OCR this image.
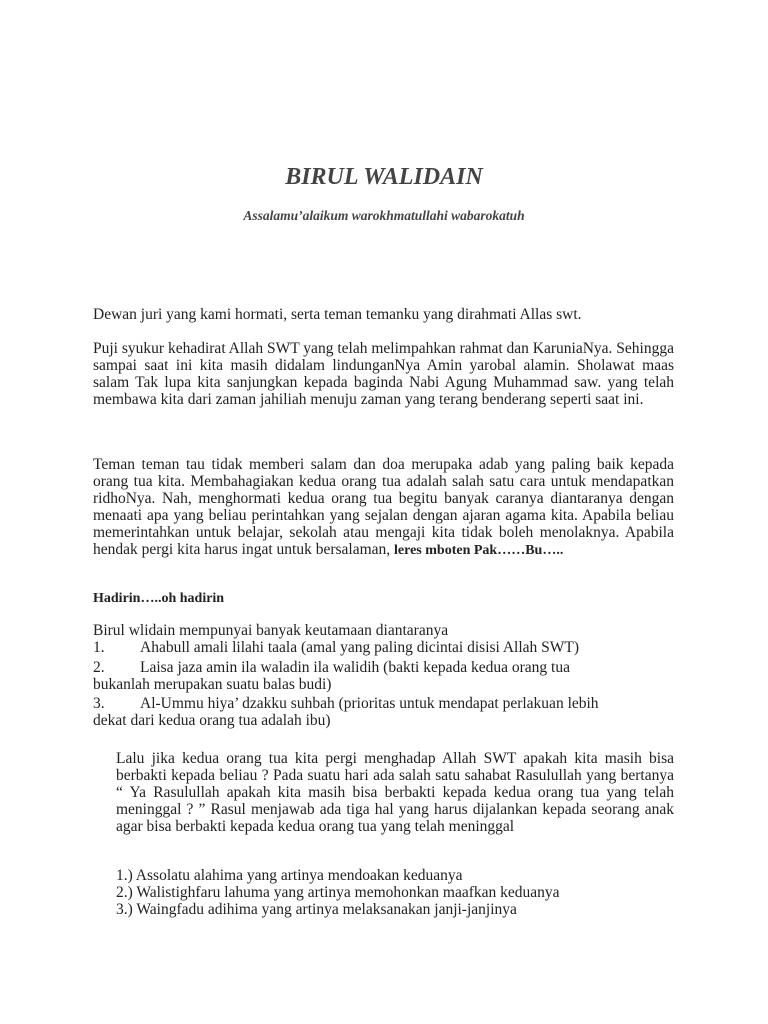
BIRUL WALIDAIN

Assalamu’alaikum warokhmatullahi wabarokatuh

Dewan juri yang kami hormati, serta teman temanku yang dirahmati Allas swt.

Puji syukur kehadirat Allah SWT yang telah melimpahkan rahmat dan KaruniaNya. Sehingga sampai saat ini kita masih didalam lindunganNya Amin yarobal alamin. Sholawat maas salam Tak lupa kita sanjungkan kepada baginda Nabi Agung Muhammad saw. yang telah membawa kita dari zaman jahiliah menuju zaman yang terang benderang seperti saat ini.

Teman teman tau tidak memberi salam dan doa merupaka adab yang paling baik kepada orang tua kita. Membahagiakan kedua orang tua adalah salah satu cara untuk mendapatkan ridhoNya. Nah, menghormati kedua orang tua begitu banyak caranya diantaranya dengan menaati apa yang beliau perintahkan yang sejalan dengan ajaran agama kita. Apabila beliau memerintahkan untuk belajar, sekolah atau mengaji kita tidak boleh menolaknya. Apabila hendak pergi kita harus ingat untuk bersalaman, leres mboten Pak……Bu…..

Hadirin…..oh hadirin

Birul wlidain mempunyai banyak keutamaan diantaranya

1. Ahabull amali lilahi taala (amal yang paling dicintai disisi Allah SWT)

2. Laisa jaza amin ila waladin ila walidih (bakti kepada kedua orang tua

bukanlah merupakan suatu balas budi)

3. Al-Ummu hiya’ dzakku suhbah (prioritas untuk mendapat perlakuan lebih

dekat dari kedua orang tua adalah ibu)

Lalu jika kedua orang tua kita pergi menghadap Allah SWT apakah kita masih bisa berbakti kepada beliau ? Pada suatu hari ada salah satu sahabat Rasulullah yang bertanya “ Ya Rasulullah apakah kita masih bisa berbakti kepada kedua orang tua yang telah meninggal ? ” Rasul menjawab ada tiga hal yang harus dijalankan kepada seorang anak agar bisa berbakti kepada kedua orang tua yang telah meninggal

1.) Assolatu alahima yang artinya mendoakan keduanya

2.) Walistighfaru lahuma yang artinya memohonkan maafkan keduanya

3.) Waingfadu adihima yang artinya melaksanakan janji-janjinya
